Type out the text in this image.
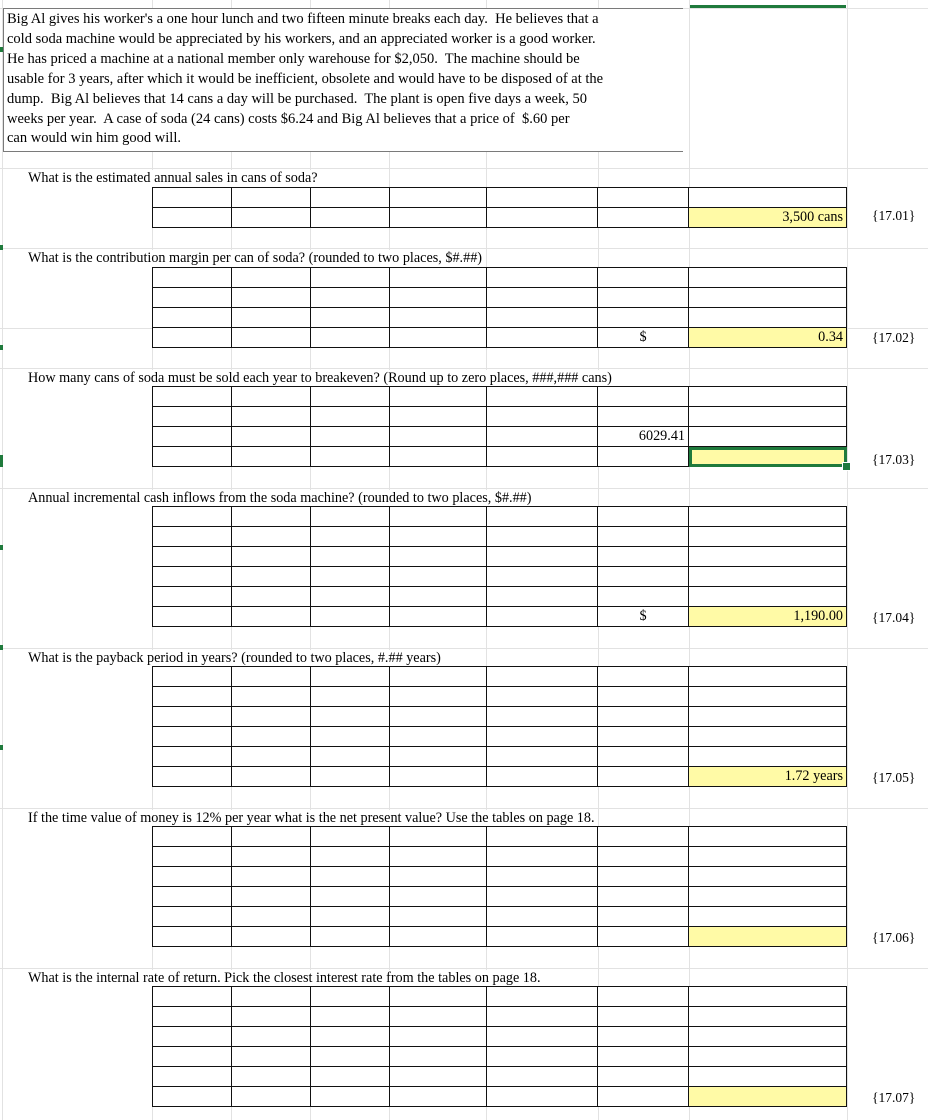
Big Al gives his worker's a one hour lunch and two fifteen minute breaks each day.  He believes that a
cold soda machine would be appreciated by his workers, and an appreciated worker is a good worker.
He has priced a machine at a national member only warehouse for $2,050.  The machine should be
usable for 3 years, after which it would be inefficient, obsolete and would have to be disposed of at the
dump.  Big Al believes that 14 cans a day will be purchased.  The plant is open five days a week, 50
weeks per year.  A case of soda (24 cans) costs $6.24 and Big Al believes that a price of  $.60 per
can would win him good will.
What is the estimated annual sales in cans of soda?

						3,500 cans {17.01}
What is the contribution margin per can of soda? (rounded to two places, $#.##)

					$	0.34 {17.02}
How many cans of soda must be sold each year to breakeven? (Round up to zero places, ###,### cans)

					6029.41	

{17.03}
Annual incremental cash inflows from the soda machine? (rounded to two places, $#.##)

					$	1,190.00 {17.04}
What is the payback period in years? (rounded to two places, #.## years)

						1.72 years {17.05}
If the time value of money is 12% per year what is the net present value? Use the tables on page 18.

{17.06}
What is the internal rate of return. Pick the closest interest rate from the tables on page 18.

{17.07}
